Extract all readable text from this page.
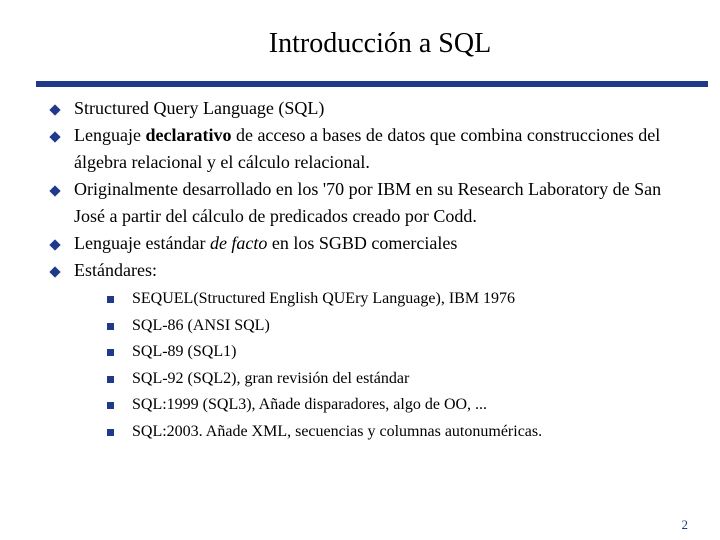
Introducción a SQL
Structured Query Language (SQL)
Lenguaje declarativo de acceso a bases de datos que combina construcciones del álgebra relacional y el cálculo relacional.
Originalmente desarrollado en los '70 por IBM en su Research Laboratory de San José a partir del cálculo de predicados creado por Codd.
Lenguaje estándar de facto en los SGBD comerciales
Estándares:
SEQUEL(Structured English QUEry Language), IBM 1976
SQL-86 (ANSI SQL)
SQL-89 (SQL1)
SQL-92 (SQL2), gran revisión del estándar
SQL:1999 (SQL3), Añade disparadores, algo de OO, ...
SQL:2003. Añade XML, secuencias y columnas autonuméricas.
2
